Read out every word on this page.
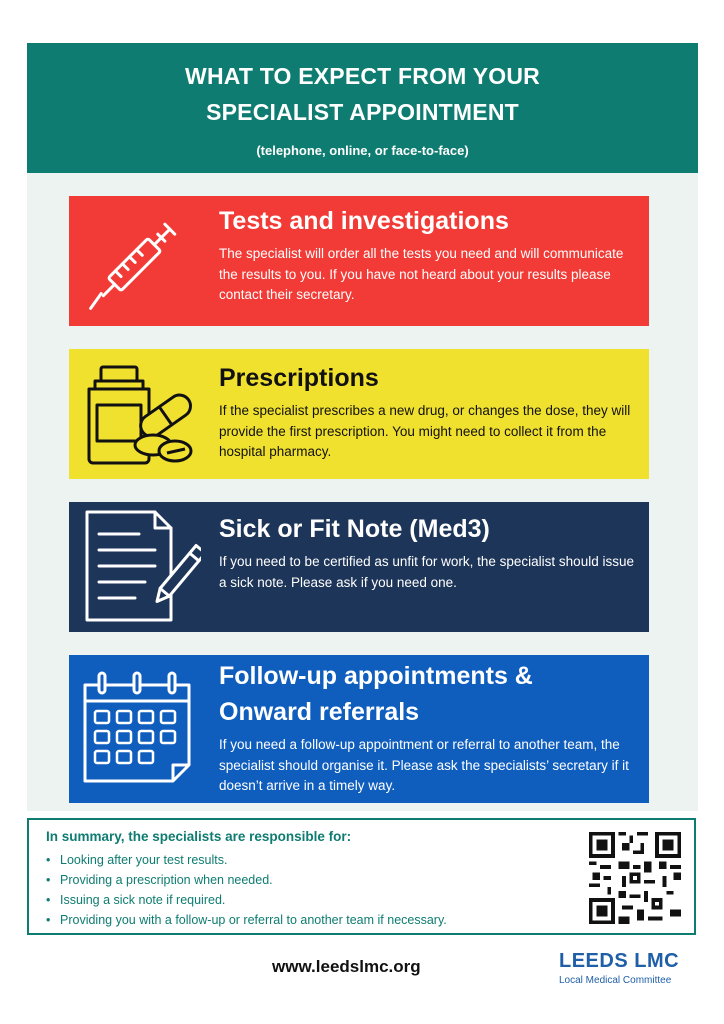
WHAT TO EXPECT FROM YOUR
SPECIALIST APPOINTMENT
(telephone, online, or face-to-face)
Tests and investigations
The specialist will order all the tests you need and will communicate the results to you. If you have not heard about your results please contact their secretary.
Prescriptions
If the specialist prescribes a new drug, or changes the dose, they will provide the first prescription. You might need to collect it from the hospital pharmacy.
Sick or Fit Note (Med3)
If you need to be certified as unfit for work, the specialist should issue a sick note. Please ask if you need one.
Follow-up appointments &
Onward referrals
If you need a follow-up appointment or referral to another team, the specialist should organise it. Please ask the specialists’ secretary if it doesn’t arrive in a timely way.
In summary, the specialists are responsible for:
• Looking after your test results.
• Providing a prescription when needed.
• Issuing a sick note if required.
• Providing you with a follow-up or referral to another team if necessary.
www.leedslmc.org	LEEDS LMC
Local Medical Committee
